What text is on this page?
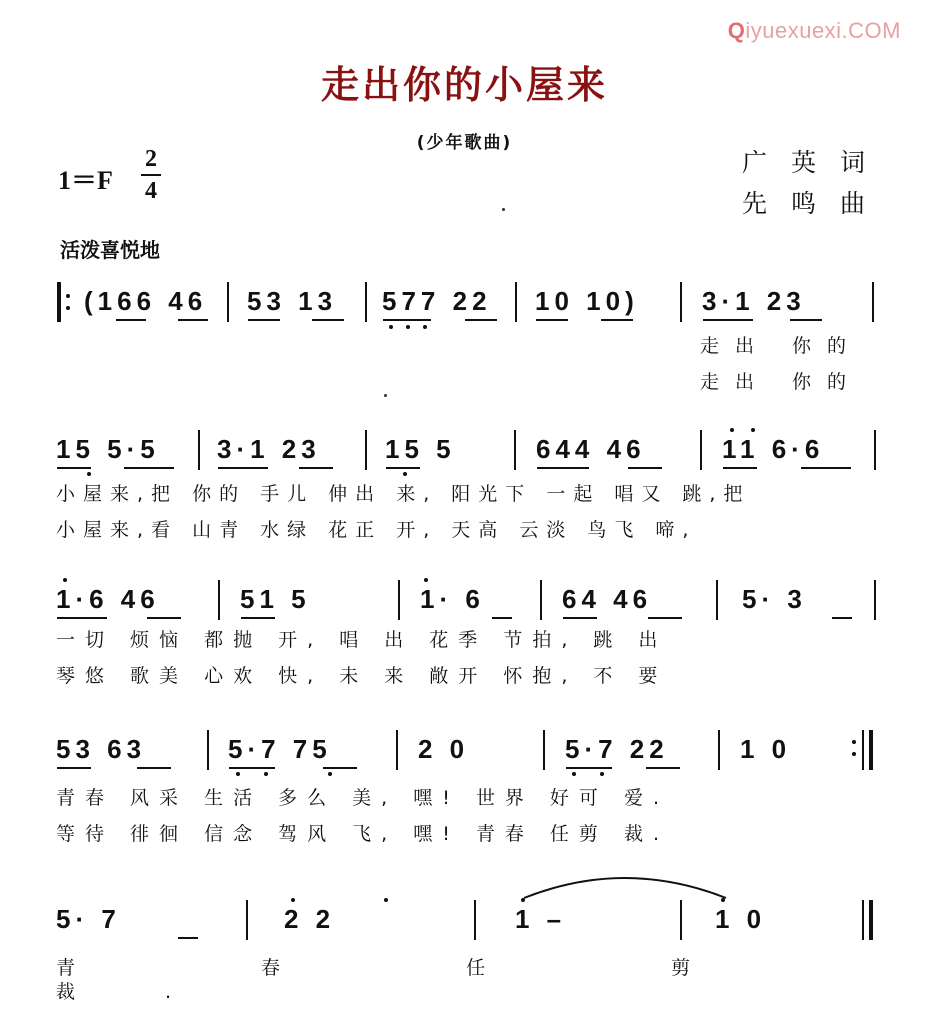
Qiyuexuexi.COM
走出你的小屋来
(少年歌曲)
1＝F
2
4
广英词
先鸣曲
活泼喜悦地
(166 46 53 13 577 22 10 10) 3·1 23
走出 你的
走出 你的
15 5·5 3·1 23 15 5	644 46	11 6·6
小屋来,把 你的 手儿 伸出 来, 阳光下 一起 唱又 跳,把
小屋来,看 山青 水绿 花正 开, 天高 云淡 鸟飞 啼,
1·6 46	51 5	1· 6	64 46	5· 3
一切 烦恼 都抛 开, 唱 出 花季 节拍, 跳 出
琴悠 歌美 心欢 快, 未 来 敞开 怀抱, 不 要
53 63	5·7 75	2 0	5·7 22	1 0
青春 风采 生活 多么 美, 嘿! 世界 好可 爱.
等待 徘徊 信念 驾风 飞, 嘿! 青春 任剪 裁.
5· 7	2 2	1 –	1 0
青 春 任 剪 裁.
